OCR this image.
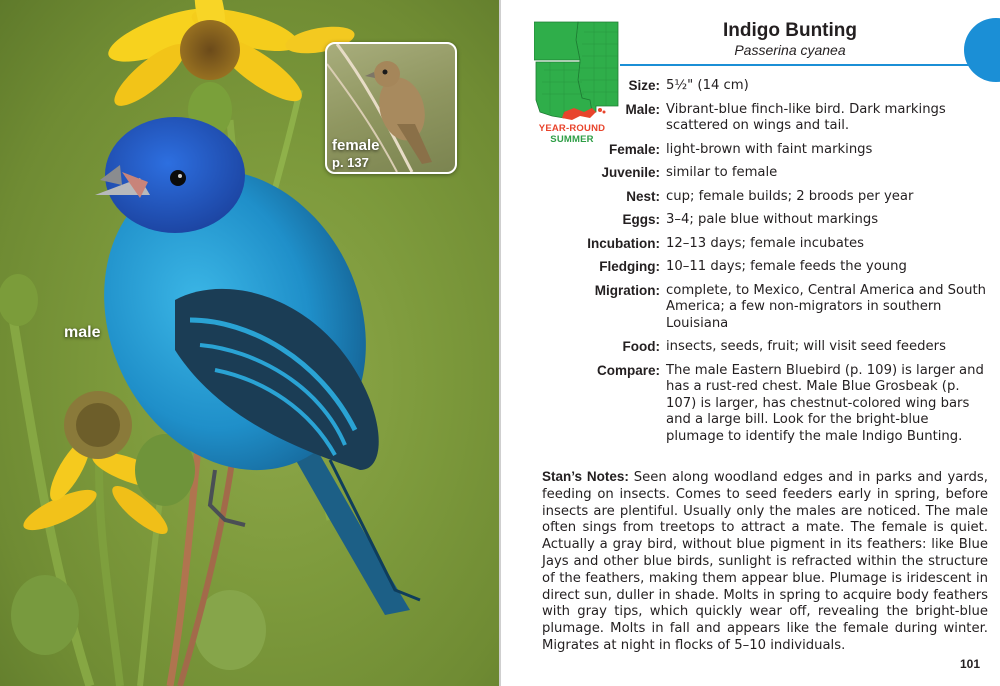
male
female
p. 137
Indigo Bunting
Passerina cyanea
YEAR-ROUND
SUMMER
Size: 5½" (14 cm)
Male: Vibrant-blue finch-like bird. Dark markings scattered on wings and tail.
Female: light-brown with faint markings
Juvenile: similar to female
Nest: cup; female builds; 2 broods per year
Eggs: 3–4; pale blue without markings
Incubation: 12–13 days; female incubates
Fledging: 10–11 days; female feeds the young
Migration: complete, to Mexico, Central America and South America; a few non-migrators in southern Louisiana
Food: insects, seeds, fruit; will visit seed feeders
Compare: The male Eastern Bluebird (p. 109) is larger and has a rust-red chest. Male Blue Grosbeak (p. 107) is larger, has chestnut-colored wing bars and a large bill. Look for the bright-blue plumage to identify the male Indigo Bunting.
Stan’s Notes: Seen along woodland edges and in parks and yards, feeding on insects. Comes to seed feeders early in spring, before insects are plentiful. Usually only the males are noticed. The male often sings from treetops to attract a mate. The female is quiet. Actually a gray bird, without blue pigment in its feathers: like Blue Jays and other blue birds, sunlight is refracted within the structure of the feathers, making them appear blue. Plumage is iridescent in direct sun, duller in shade. Molts in spring to acquire body feathers with gray tips, which quickly wear off, revealing the bright-blue plumage. Molts in fall and appears like the female during winter. Migrates at night in flocks of 5–10 individuals.
101
